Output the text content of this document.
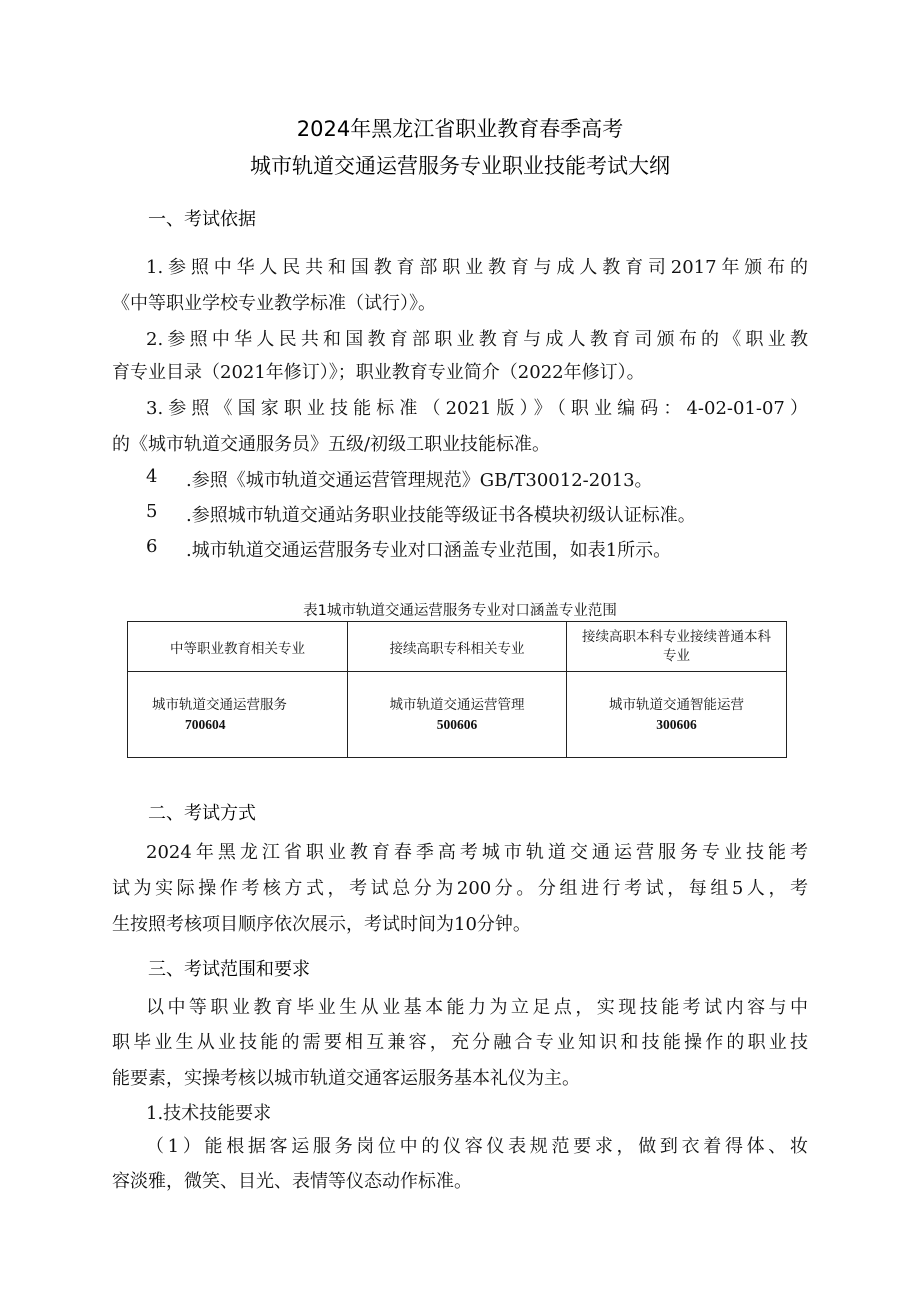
2024年黑龙江省职业教育春季高考
城市轨道交通运营服务专业职业技能考试大纲
一、考试依据
1.参照中华人民共和国教育部职业教育与成人教育司2017年颁布的
《中等职业学校专业教学标准（试行）》。
2.参照中华人民共和国教育部职业教育与成人教育司颁布的《职业教
育专业目录（2021年修订）》；职业教育专业简介（2022年修订）。
3.参照《国家职业技能标准（2021版）》（职业编码：4-02-01-07）
的《城市轨道交通服务员》五级/初级工职业技能标准。
4 .参照《城市轨道交通运营管理规范》GB/T30012-2013。
5 .参照城市轨道交通站务职业技能等级证书各模块初级认证标准。
6 .城市轨道交通运营服务专业对口涵盖专业范围，如表1所示。
表1城市轨道交通运营服务专业对口涵盖专业范围
中等职业教育相关专业	接续高职专科相关专业
接续高职本科专业接续普通本科
专业
城市轨道交通运营服务
700604
城市轨道交通运营管理
500606
城市轨道交通智能运营
300606
二、考试方式
2024年黑龙江省职业教育春季高考城市轨道交通运营服务专业技能考
试为实际操作考核方式，考试总分为200分。分组进行考试，每组5人，考
生按照考核项目顺序依次展示，考试时间为10分钟。
三、考试范围和要求
以中等职业教育毕业生从业基本能力为立足点，实现技能考试内容与中
职毕业生从业技能的需要相互兼容，充分融合专业知识和技能操作的职业技
能要素，实操考核以城市轨道交通客运服务基本礼仪为主。
1.技术技能要求
（1）能根据客运服务岗位中的仪容仪表规范要求，做到衣着得体、妆
容淡雅，微笑、目光、表情等仪态动作标准。
